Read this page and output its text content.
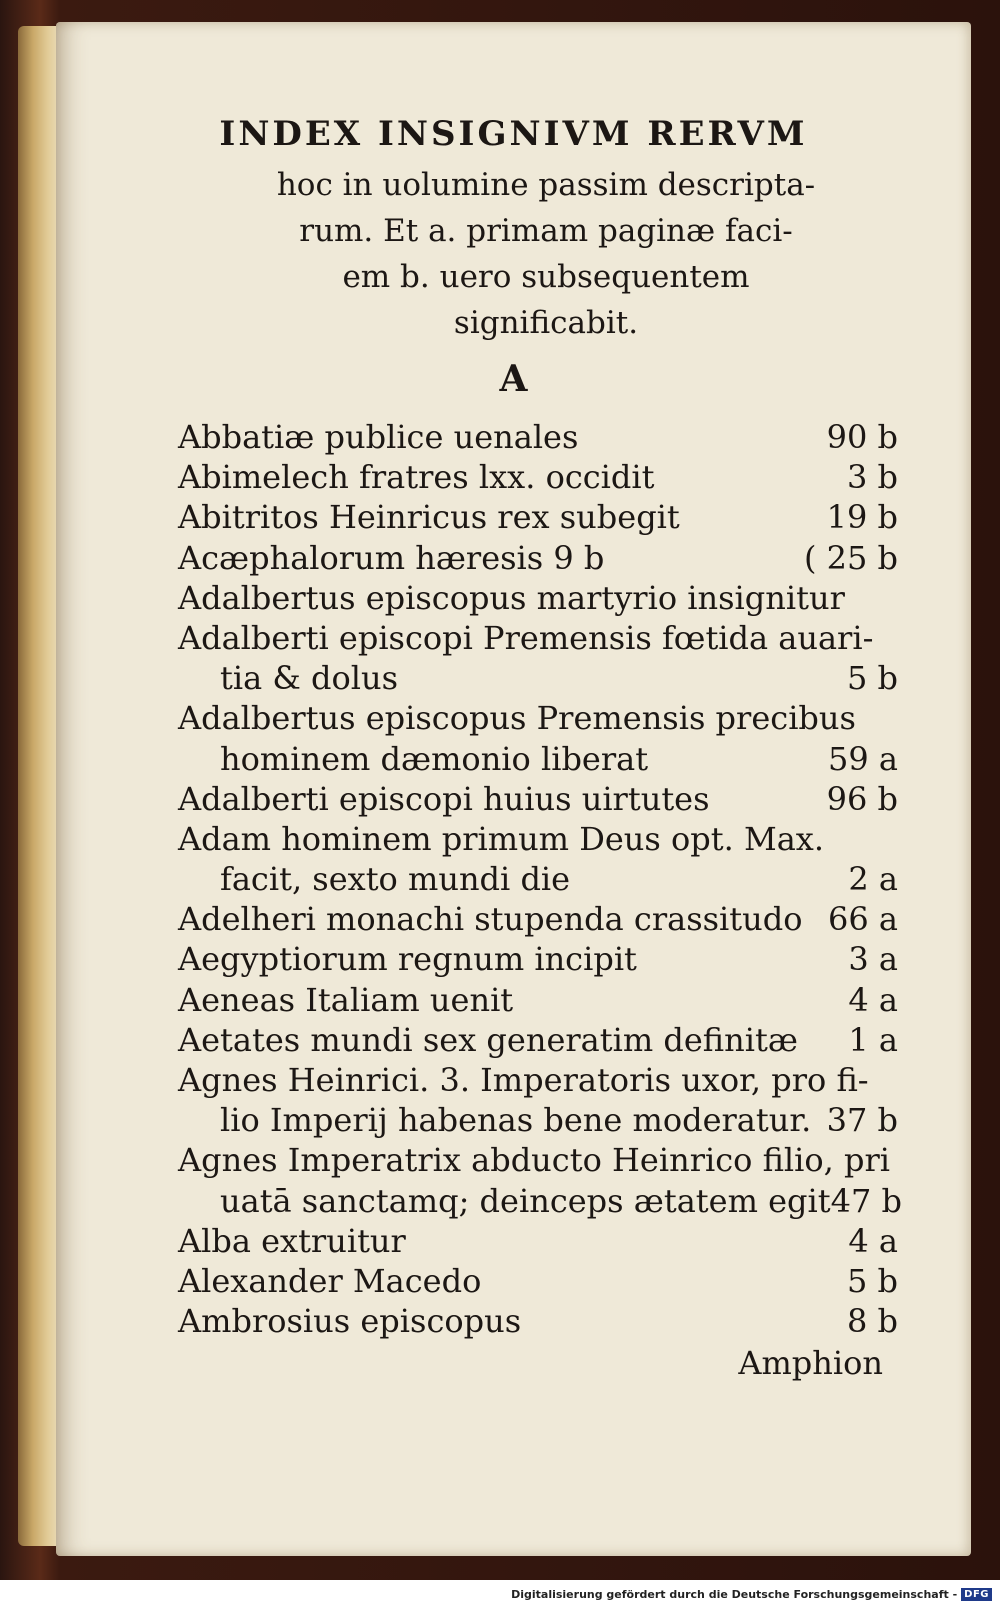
INDEX INSIGNIVM RERVM
hoc in uolumine passim descripta-
rum. Et a. primam paginæ faci-
em b. uero subsequentem
significabit.
A
Abbatiæ publice uenales	90 b
Abimelech fratres lxx. occidit	3 b
Abitritos Heinricus rex subegit	19 b
Acæphalorum hæresis 9 b	( 25 b
Adalbertus episcopus martyrio insignitur
Adalberti episcopi Premensis fœtida auari-
tia & dolus	5 b
Adalbertus episcopus Premensis precibus
hominem dæmonio liberat	59 a
Adalberti episcopi huius uirtutes	96 b
Adam hominem primum Deus opt. Max.
facit, sexto mundi die	2 a
Adelheri monachi stupenda crassitudo 66 a
Aegyptiorum regnum incipit	3 a
Aeneas Italiam uenit	4 a
Aetates mundi sex generatim definitæ 1 a
Agnes Heinrici. 3. Imperatoris uxor, pro fi-
lio Imperij habenas bene moderatur. 37 b
Agnes Imperatrix abducto Heinrico filio, pri
uatā sanctamq; deinceps ætatem egit 47 b
Alba extruitur	4 a
Alexander Macedo	5 b
Ambrosius episcopus	8 b
Amphion
Digitalisierung gefördert durch die Deutsche Forschungsgemeinschaft - DFG
